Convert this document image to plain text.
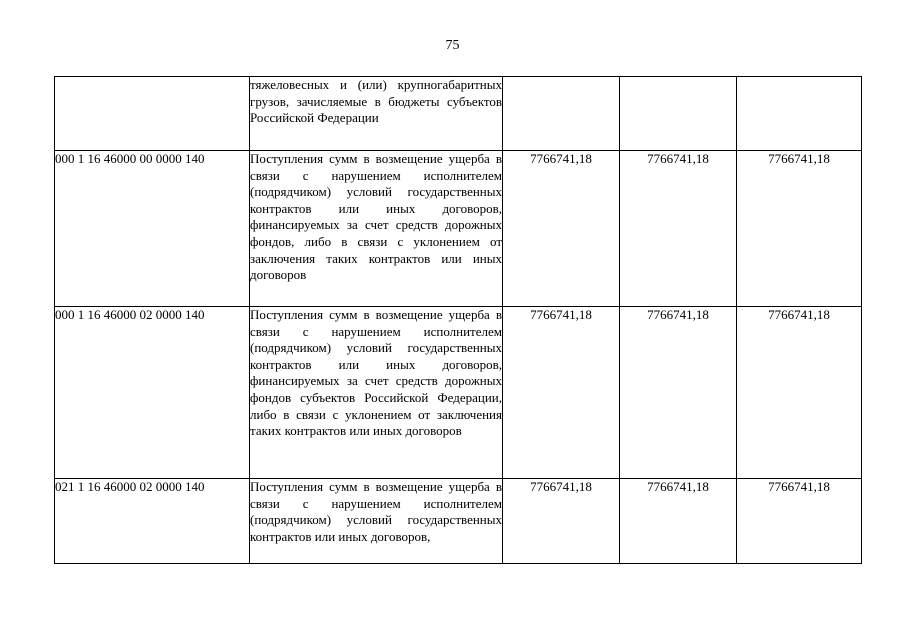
75
	тяжеловесных и (или) крупногабаритных грузов, зачисляемые в бюджеты субъектов Российской Федерации			
000 1 16 46000 00 0000 140	Поступления сумм в возмещение ущерба в связи с нарушением исполнителем (подрядчиком) условий государственных контрактов или иных договоров, финансируемых за счет средств дорожных фондов, либо в связи с уклонением от заключения таких контрактов или иных договоров	7766741,18	7766741,18	7766741,18
000 1 16 46000 02 0000 140	Поступления сумм в возмещение ущерба в связи с нарушением исполнителем (подрядчиком) условий государственных контрактов или иных договоров, финансируемых за счет средств дорожных фондов субъектов Российской Федерации, либо в связи с уклонением от заключения таких контрактов или иных договоров	7766741,18	7766741,18	7766741,18
021 1 16 46000 02 0000 140	Поступления сумм в возмещение ущерба в связи с нарушением исполнителем (подрядчиком) условий государственных контрактов или иных договоров,	7766741,18	7766741,18	7766741,18
